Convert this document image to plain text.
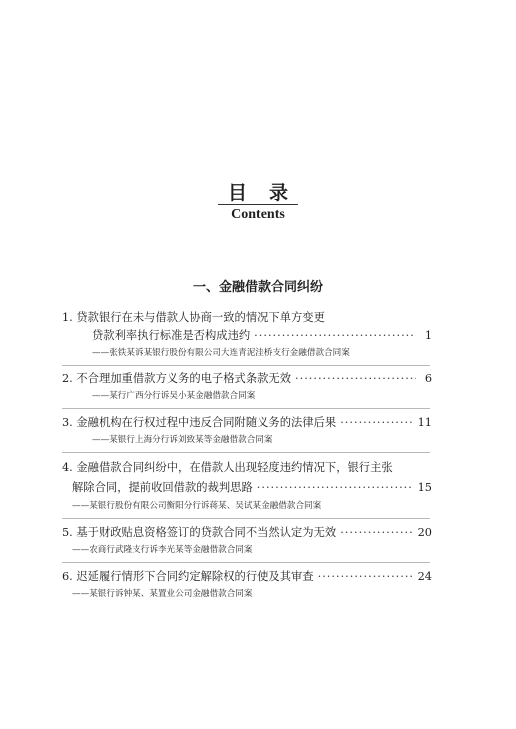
目录
Contents
一、金融借款合同纠纷
1. 贷款银行在未与借款人协商一致的情况下单方变更
贷款利率执行标准是否构成违约 ·····	1
——张铁某诉某银行股份有限公司大连青泥洼桥支行金融借款合同案
2. 不合理加重借款方义务的电子格式条款无效 ·····	6
——某行广西分行诉吴小某金融借款合同案
3. 金融机构在行权过程中违反合同附随义务的法律后果 ·····	11
——某银行上海分行诉刘致某等金融借款合同案
4. 金融借款合同纠纷中，在借款人出现轻度违约情况下，银行主张
解除合同，提前收回借款的裁判思路 ·····	15
——某银行股份有限公司衡阳分行诉蒋某、吴试某金融借款合同案
5. 基于财政贴息资格签订的贷款合同不当然认定为无效 ·····	20
——农商行武隆支行诉李光某等金融借款合同案
6. 迟延履行情形下合同约定解除权的行使及其审查 ·····	24
——某银行诉钟某、某置业公司金融借款合同案
